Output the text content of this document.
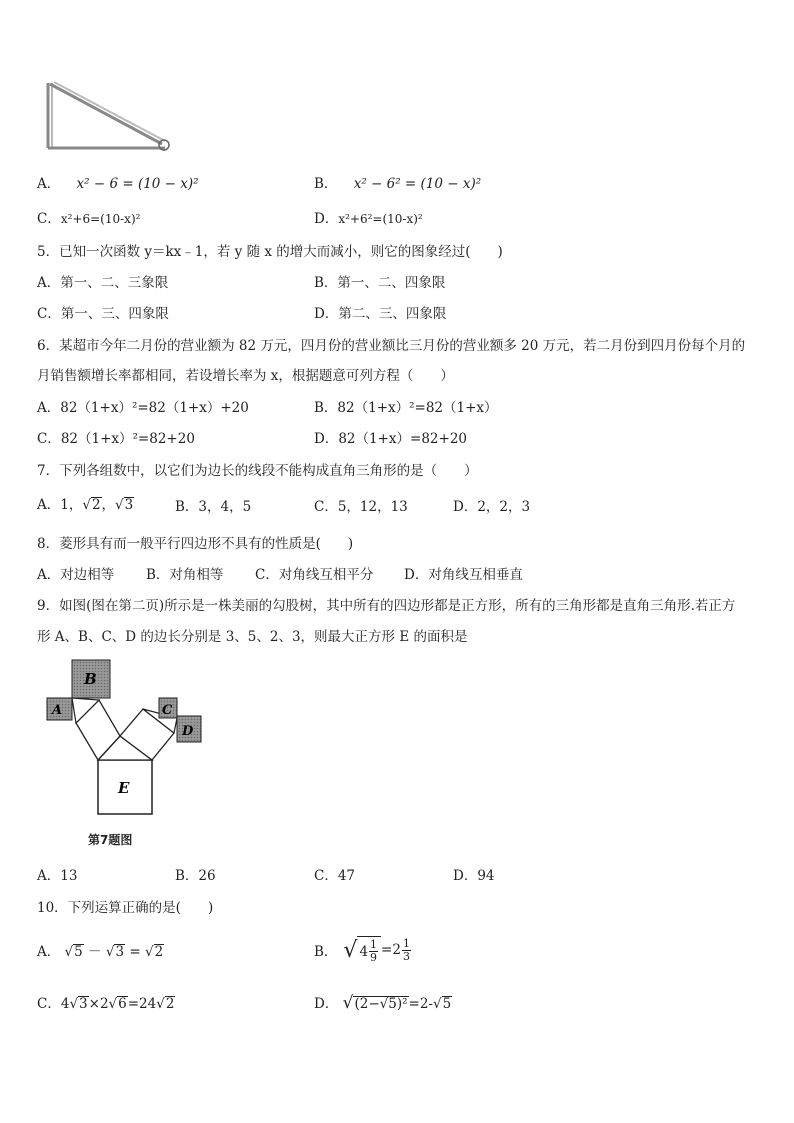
A． x² − 6 = (10 − x)²	B． x² − 6² = (10 − x)²
C．x²+6=(10-x)²	D．x²+6²=(10-x)²
5．已知一次函数 y＝kx﹣1，若 y 随 x 的增大而减小，则它的图象经过(　　)
A．第一、二、三象限	B．第一、二、四象限
C．第一、三、四象限	D．第二、三、四象限
6．某超市今年二月份的营业额为 82 万元，四月份的营业额比三月份的营业额多 20 万元，若二月份到四月份每个月的
月销售额增长率都相同，若设增长率为 x，根据题意可列方程（　　）
A．82（1+x）²=82（1+x）+20	B．82（1+x）²=82（1+x）
C．82（1+x）²=82+20	D．82（1+x）=82+20
7．下列各组数中，以它们为边长的线段不能构成直角三角形的是（　　）
A．1，√2，√3	B．3，4，5	C．5，12，13	D．2，2，3
8．菱形具有而一般平行四边形不具有的性质是(　　)
A．对边相等 B．对角相等 C．对角线互相平分 D．对角线互相垂直
9．如图(图在第二页)所示是一株美丽的勾股树，其中所有的四边形都是正方形，所有的三角形都是直角三角形.若正方
形 A、B、C、D 的边长分别是 3、5、2、3，则最大正方形 E 的面积是
B
A	C
D
E
第7题图
A．13	B．26	C．47	D．94
10．下列运算正确的是(　　)
A． √5 － √3 = √2	B． √ $4 \frac{1}{9} =2 \frac{1}{3}$
C．4√3×2√6=24√2	D． √(2−√5)²=2-√5
